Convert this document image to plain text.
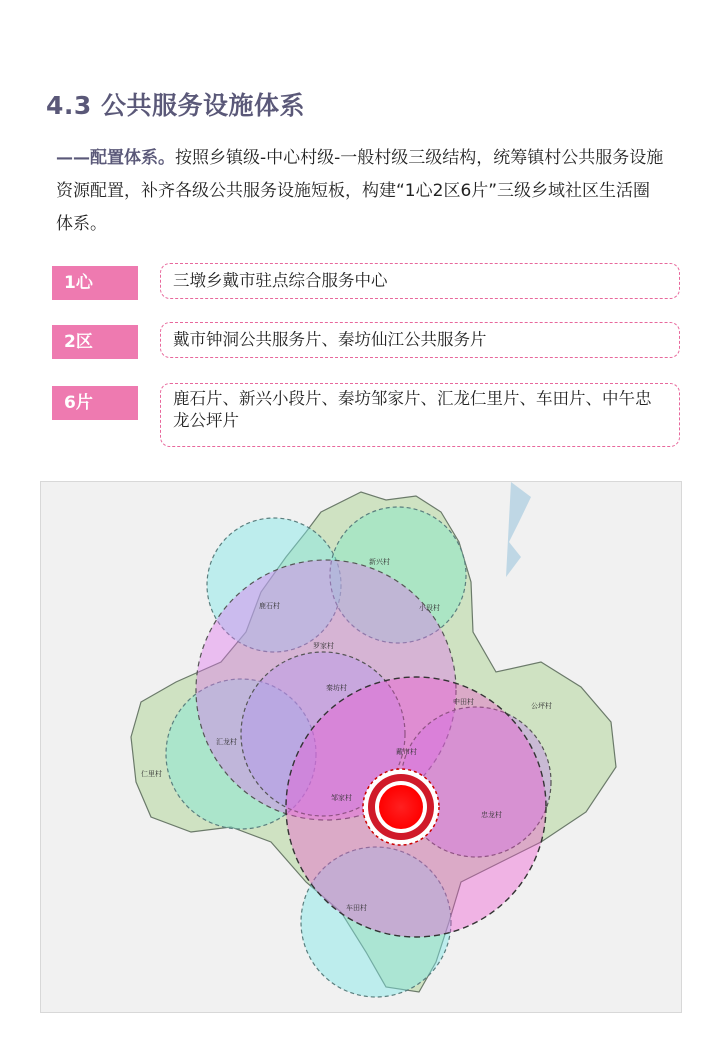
4.3 公共服务设施体系
——配置体系。按照乡镇级-中心村级-一般村级三级结构，统筹镇村公共服务设施资源配置，补齐各级公共服务设施短板，构建“1心2区6片”三级乡域社区生活圈体系。
1心	三墩乡戴市驻点综合服务中心
2区	戴市钟洞公共服务片、秦坊仙江公共服务片
6片	鹿石片、新兴小段片、秦坊邹家片、汇龙仁里片、车田片、中午忠龙公坪片
新兴村
鹿石村	小段村
罗家村
秦坊村
汇龙村
仁里村
戴市村
邹家村
中田村	公坪村
忠龙村
车田村
